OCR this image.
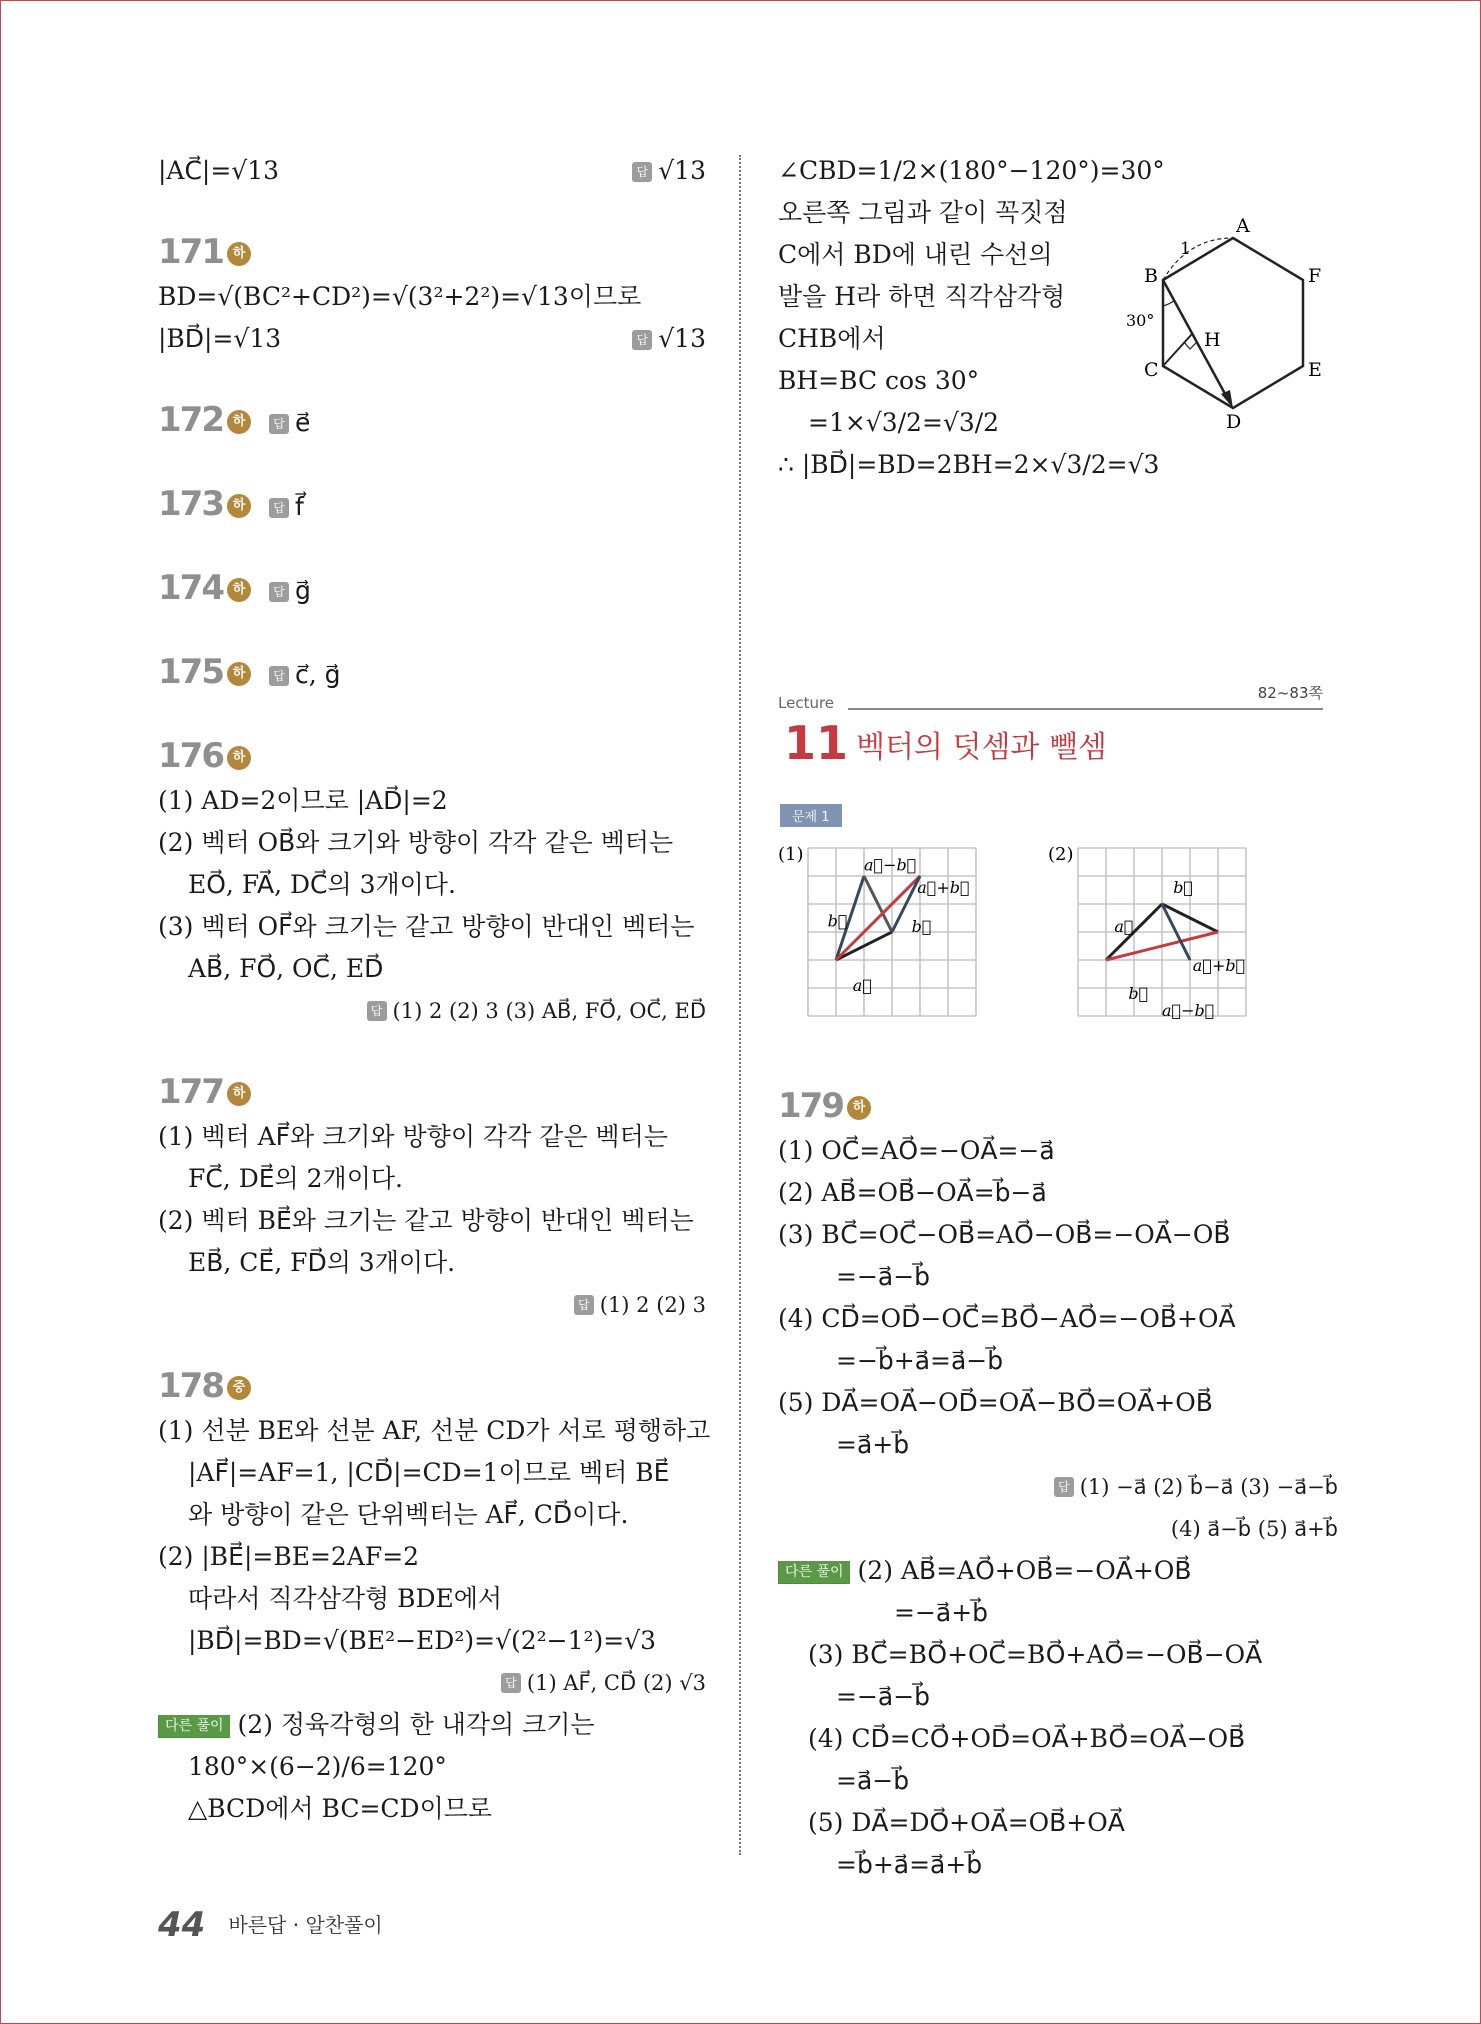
|AC⃗|=√13	답 √13
171 하
BD=√(BC²+CD²)=√(3²+2²)=√13이므로
|BD⃗|=√13	답 √13
172 하 답 e⃗
173 하 답 f⃗
174 하 답 g⃗
175 하 답 c⃗, g⃗
176 하
(1) AD=2이므로 |AD⃗|=2
(2) 벡터 OB⃗와 크기와 방향이 각각 같은 벡터는
EO⃗, FA⃗, DC⃗의 3개이다.
(3) 벡터 OF⃗와 크기는 같고 방향이 반대인 벡터는
AB⃗, FO⃗, OC⃗, ED⃗
답 (1) 2 (2) 3 (3) AB⃗, FO⃗, OC⃗, ED⃗
177 하
(1) 벡터 AF⃗와 크기와 방향이 각각 같은 벡터는
FC⃗, DE⃗의 2개이다.
(2) 벡터 BE⃗와 크기는 같고 방향이 반대인 벡터는
EB⃗, CE⃗, FD⃗의 3개이다.
답 (1) 2 (2) 3
178 중
(1) 선분 BE와 선분 AF, 선분 CD가 서로 평행하고
|AF⃗|=AF=1, |CD⃗|=CD=1이므로 벡터 BE⃗
와 방향이 같은 단위벡터는 AF⃗, CD⃗이다.
(2) |BE⃗|=BE=2AF=2
따라서 직각삼각형 BDE에서
|BD⃗|=BD=√(BE²−ED²)=√(2²−1²)=√3
답 (1) AF⃗, CD⃗ (2) √3
다른 풀이 (2) 정육각형의 한 내각의 크기는
180°×(6−2)/6=120°
△BCD에서 BC=CD이므로
∠CBD=1/2×(180°−120°)=30°
오른쪽 그림과 같이 꼭짓점
C에서 BD에 내린 수선의
발을 H라 하면 직각삼각형
CHB에서
BH=BC cos 30°
=1×√3/2=√3/2
∴ |BD⃗|=BD=2BH=2×√3/2=√3
A
B
C
D
E
F
H
1
30°
Lecture
82~83쪽
11 벡터의 덧셈과 뺄셈
문제 1
(1)	a⃗−b⃗
a⃗+b⃗
b⃗	b⃗
a⃗
(2)
b⃗
a⃗
a⃗+b⃗
b⃗
a⃗−b⃗
179 하
(1) OC⃗=AO⃗=−OA⃗=−a⃗
(2) AB⃗=OB⃗−OA⃗=b⃗−a⃗
(3) BC⃗=OC⃗−OB⃗=AO⃗−OB⃗=−OA⃗−OB⃗
=−a⃗−b⃗
(4) CD⃗=OD⃗−OC⃗=BO⃗−AO⃗=−OB⃗+OA⃗
=−b⃗+a⃗=a⃗−b⃗
(5) DA⃗=OA⃗−OD⃗=OA⃗−BO⃗=OA⃗+OB⃗
=a⃗+b⃗
답 (1) −a⃗ (2) b⃗−a⃗ (3) −a⃗−b⃗
(4) a⃗−b⃗ (5) a⃗+b⃗
다른 풀이 (2) AB⃗=AO⃗+OB⃗=−OA⃗+OB⃗
=−a⃗+b⃗
(3) BC⃗=BO⃗+OC⃗=BO⃗+AO⃗=−OB⃗−OA⃗
=−a⃗−b⃗
(4) CD⃗=CO⃗+OD⃗=OA⃗+BO⃗=OA⃗−OB⃗
=a⃗−b⃗
(5) DA⃗=DO⃗+OA⃗=OB⃗+OA⃗
=b⃗+a⃗=a⃗+b⃗
44 바른답 · 알찬풀이
